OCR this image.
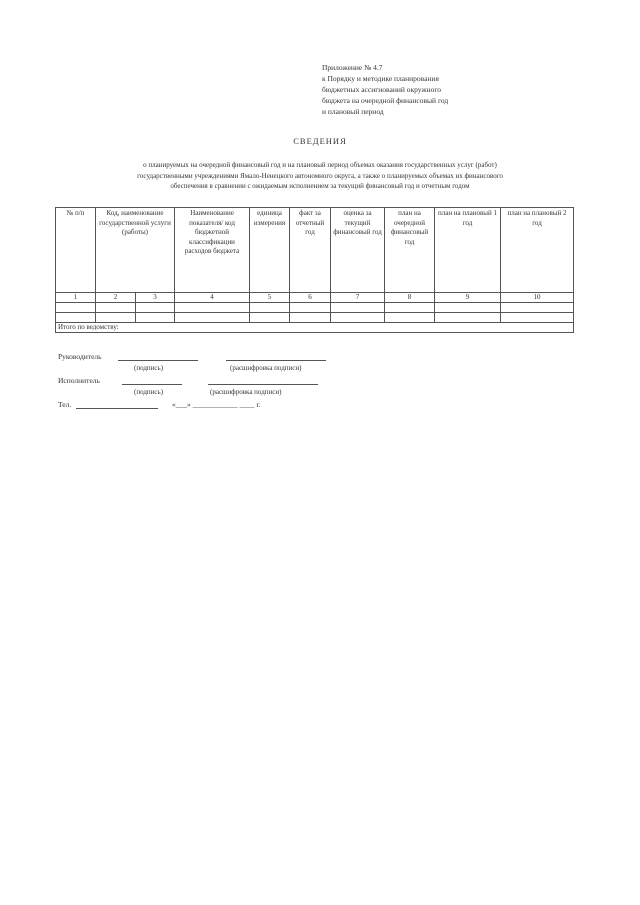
Приложение № 4.7
к Порядку и методике планирования
бюджетных ассигнований окружного
бюджета на очередной финансовый год
и плановый период
СВЕДЕНИЯ
о планируемых на очередной финансовый год и на плановый период объемах оказания государственных услуг (работ)
государственными учреждениями Ямало-Ненецкого автономного округа, а также о планируемых объемах их финансового
обеспечения в сравнении с ожидаемым исполнением за текущий финансовый год и отчетным годом
№ п/п	Код, наименование государственной услуги (работы)		Наименование показателя/ код бюджетной классификации расходов бюджета	единица измерения	факт за отчетный год	оценка за текущий финансовый год	план на очередной финансовый год	план на плановый 1 год	план на плановый 2 год
1	2	3	4	5	6	7	8	9	10

Итого по ведомству:									
Руководитель
(подпись)	(расшифровка подписи)
Исполнитель
(подпись)	(расшифровка подписи)
Тел.	«___» ____________ ____ г.
